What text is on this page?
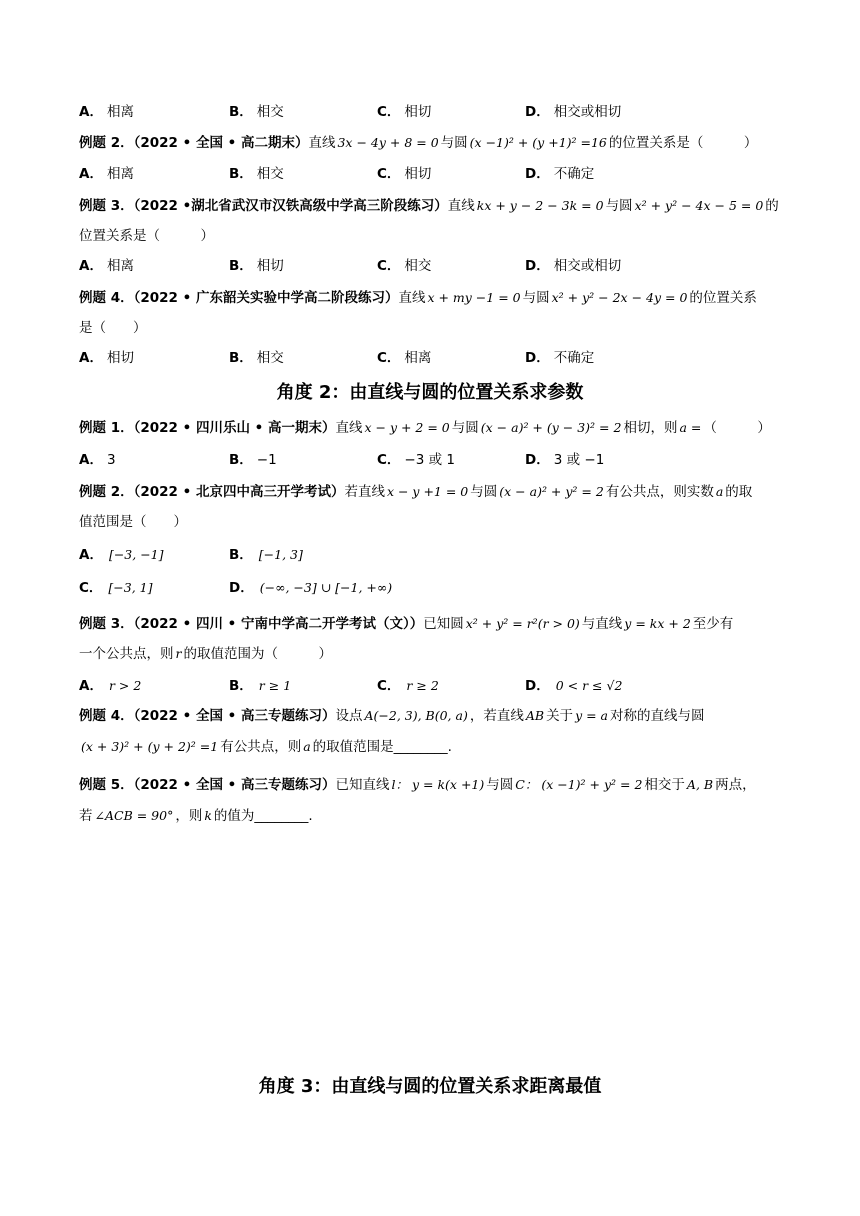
A． 相离	B． 相交	C． 相切	D． 相交或相切
例题 2．（2022 • 全国 • 高二期末）直线 3x − 4y + 8 = 0 与圆 (x −1)² + (y +1)² =16 的位置关系是（　　　）
A． 相离	B． 相交	C． 相切	D． 不确定
例题 3．（2022 •湖北省武汉市汉铁高级中学高三阶段练习）直线 kx + y − 2 − 3k = 0 与圆 x² + y² − 4x − 5 = 0 的
位置关系是（　　　）
A． 相离	B． 相切	C． 相交	D． 相交或相切
例题 4．（2022 • 广东韶关实验中学高二阶段练习）直线 x + my −1 = 0 与圆 x² + y² − 2x − 4y = 0 的位置关系
是（　　）
A． 相切	B． 相交	C． 相离	D． 不确定
角度 2：由直线与圆的位置关系求参数
例题 1．（2022 • 四川乐山 • 高一期末）直线 x − y + 2 = 0 与圆 (x − a)² + (y − 3)² = 2 相切，则 a = （　　　）
A． 3	B． −1	C． −3 或 1	D． 3 或 −1
例题 2．（2022 • 北京四中高三开学考试）若直线 x − y +1 = 0 与圆 (x − a)² + y² = 2 有公共点，则实数 a 的取
值范围是（　　）
A． [−3, −1]	B． [−1, 3]
C． [−3, 1]	D． (−∞, −3] ∪ [−1, +∞)
例题 3．（2022 • 四川 • 宁南中学高二开学考试（文））已知圆 x² + y² = r²(r > 0) 与直线 y = kx + 2 至少有
一个公共点，则 r 的取值范围为（　　　）
A． r > 2	B． r ≥ 1	C． r ≥ 2	D． 0 < r ≤ √2
例题 4．（2022 • 全国 • 高三专题练习）设点 A(−2, 3), B(0, a) ，若直线 AB 关于 y = a 对称的直线与圆
(x + 3)² + (y + 2)² =1 有公共点，则 a 的取值范围是________.
例题 5．（2022 • 全国 • 高三专题练习）已知直线 l： y = k(x +1) 与圆 C： (x −1)² + y² = 2 相交于 A, B 两点，
若 ∠ACB = 90° ，则 k 的值为________.
角度 3：由直线与圆的位置关系求距离最值
